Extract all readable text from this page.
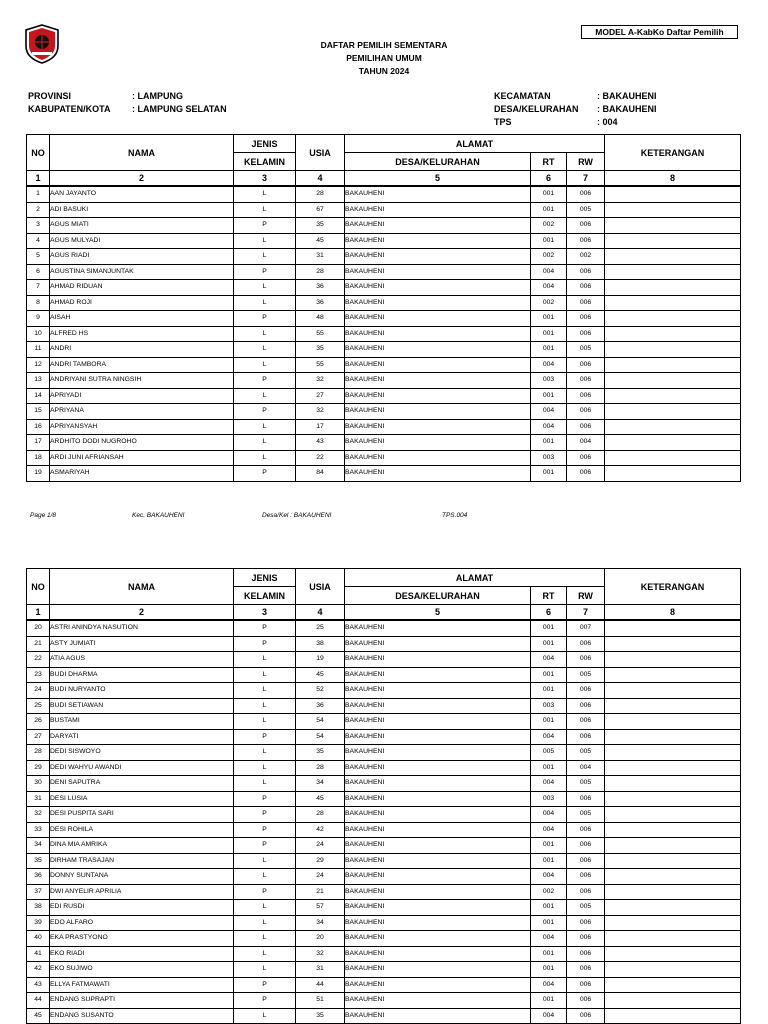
MODEL A-KabKo Daftar Pemilih
DAFTAR PEMILIH SEMENTARA
PEMILIHAN UMUM
TAHUN 2024
PROVINSI	: LAMPUNG
KABUPATEN/KOTA : LAMPUNG SELATAN
KECAMATAN	: BAKAUHENI
DESA/KELURAHAN : BAKAUHENI
TPS	: 004
NO	NAMA	JENIS	USIA	ALAMAT			KETERANGAN
		KELAMIN		DESA/KELURAHAN	RT	RW	
1	2	3	4	5	6	7	8
1	AAN JAYANTO	L	28	BAKAUHENI	001	006	
2	ADI BASUKI	L	67	BAKAUHENI	001	005	
3	AGUS MIATI	P	35	BAKAUHENI	002	006	
4	AGUS MULYADI	L	45	BAKAUHENI	001	006	
5	AGUS RIADI	L	31	BAKAUHENI	002	002	
6	AGUSTINA SIMANJUNTAK	P	28	BAKAUHENI	004	006	
7	AHMAD RIDUAN	L	36	BAKAUHENI	004	006	
8	AHMAD ROJI	L	36	BAKAUHENI	002	006	
9	AISAH	P	48	BAKAUHENI	001	006	
10	ALFRED HS	L	55	BAKAUHENI	001	006	
11	ANDRI	L	35	BAKAUHENI	001	005	
12	ANDRI TAMBORA	L	55	BAKAUHENI	004	006	
13	ANDRIYANI SUTRA NINGSIH	P	32	BAKAUHENI	003	006	
14	APRIYADI	L	27	BAKAUHENI	001	006	
15	APRIYANA	P	32	BAKAUHENI	004	006	
16	APRIYANSYAH	L	17	BAKAUHENI	004	006	
17	ARDHITO DODI NUGROHO	L	43	BAKAUHENI	001	004	
18	ARDI JUNI AFRIANSAH	L	22	BAKAUHENI	003	006	
19	ASMARIYAH	P	84	BAKAUHENI	001	006	
Page 1/8	Kec. BAKAUHENI	Desa/Kel : BAKAUHENI	TPS.004
NO	NAMA	JENIS	USIA	ALAMAT			KETERANGAN
		KELAMIN		DESA/KELURAHAN	RT	RW	
1	2	3	4	5	6	7	8
20	ASTRI ANINDYA NASUTION	P	25	BAKAUHENI	001	007	
21	ASTY JUMIATI	P	38	BAKAUHENI	001	006	
22	ATIA AGUS	L	19	BAKAUHENI	004	006	
23	BUDI DHARMA	L	45	BAKAUHENI	001	005	
24	BUDI NURYANTO	L	52	BAKAUHENI	001	006	
25	BUDI SETIAWAN	L	36	BAKAUHENI	003	006	
26	BUSTAMI	L	54	BAKAUHENI	001	006	
27	DARYATI	P	54	BAKAUHENI	004	006	
28	DEDI SISWOYO	L	35	BAKAUHENI	005	005	
29	DEDI WAHYU AWANDI	L	28	BAKAUHENI	001	004	
30	DENI SAPUTRA	L	34	BAKAUHENI	004	005	
31	DESI LUSIA	P	45	BAKAUHENI	003	006	
32	DESI PUSPITA SARI	P	28	BAKAUHENI	004	005	
33	DESI ROHILA	P	42	BAKAUHENI	004	006	
34	DINA MIA AMRIKA	P	24	BAKAUHENI	001	006	
35	DIRHAM TRASAJAN	L	29	BAKAUHENI	001	006	
36	DONNY SUNTANA	L	24	BAKAUHENI	004	006	
37	DWI ANYELIR APRILIA	P	21	BAKAUHENI	002	006	
38	EDI RUSDI	L	57	BAKAUHENI	001	005	
39	EDO ALFARO	L	34	BAKAUHENI	001	006	
40	EKA PRASTYONO	L	20	BAKAUHENI	004	006	
41	EKO RIADI	L	32	BAKAUHENI	001	006	
42	EKO SUJIWO	L	31	BAKAUHENI	001	006	
43	ELLYA FATMAWATI	P	44	BAKAUHENI	004	006	
44	ENDANG SUPRAPTI	P	51	BAKAUHENI	001	006	
45	ENDANG SUSANTO	L	35	BAKAUHENI	004	006	
